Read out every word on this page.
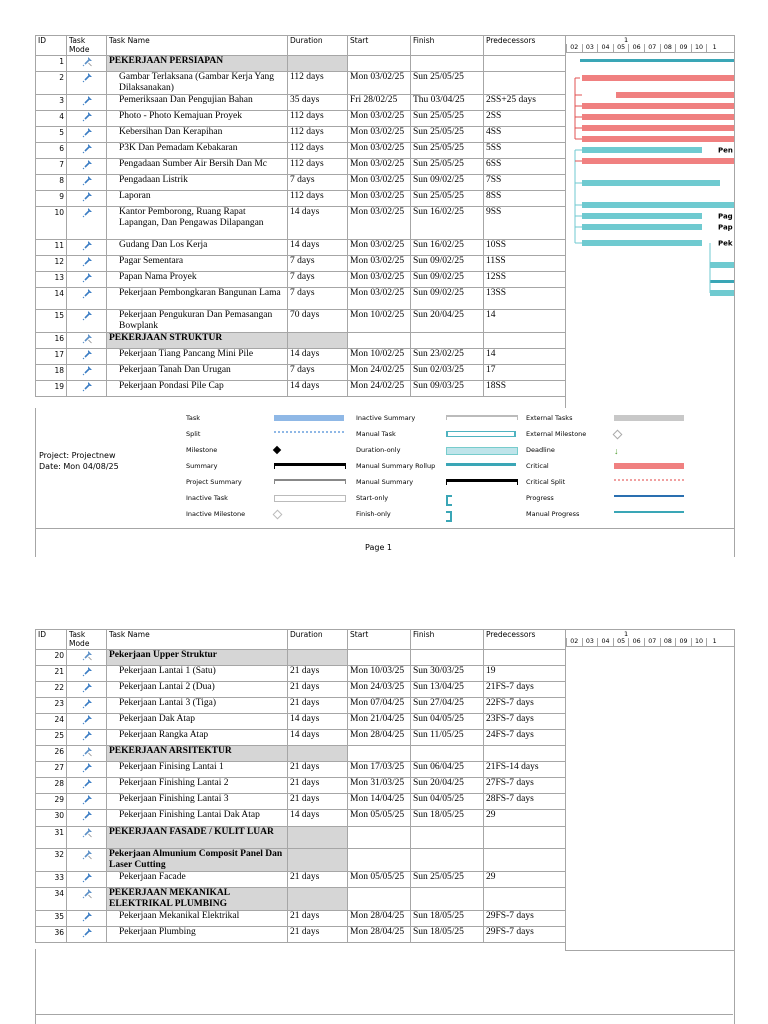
ID	Task Mode	Task Name	Duration	Start	Finish	Predecessors
1		PEKERJAAN PERSIAPAN				
2		Gambar Terlaksana (Gambar Kerja Yang Dilaksanakan)	112 days	Mon 03/02/25	Sun 25/05/25	
3		Pemeriksaan Dan Pengujian Bahan	35 days	Fri 28/02/25	Thu 03/04/25	2SS+25 days
4		Photo - Photo Kemajuan Proyek	112 days	Mon 03/02/25	Sun 25/05/25	2SS
5		Kebersihan Dan Kerapihan	112 days	Mon 03/02/25	Sun 25/05/25	4SS
6		P3K Dan Pemadam Kebakaran	112 days	Mon 03/02/25	Sun 25/05/25	5SS
7		Pengadaan Sumber Air Bersih Dan Mc	112 days	Mon 03/02/25	Sun 25/05/25	6SS
8		Pengadaan Listrik	7 days	Mon 03/02/25	Sun 09/02/25	7SS
9		Laporan	112 days	Mon 03/02/25	Sun 25/05/25	8SS
10		Kantor Pemborong, Ruang Rapat Lapangan, Dan Pengawas Dilapangan	14 days	Mon 03/02/25	Sun 16/02/25	9SS
11		Gudang Dan Los Kerja	14 days	Mon 03/02/25	Sun 16/02/25	10SS
12		Pagar Sementara	7 days	Mon 03/02/25	Sun 09/02/25	11SS
13		Papan Nama Proyek	7 days	Mon 03/02/25	Sun 09/02/25	12SS
14		Pekerjaan Pembongkaran Bangunan Lama	7 days	Mon 03/02/25	Sun 09/02/25	13SS
15		Pekerjaan Pengukuran Dan Pemasangan Bowplank	70 days	Mon 10/02/25	Sun 20/04/25	14
16		PEKERJAAN STRUKTUR				
17		Pekerjaan Tiang Pancang Mini Pile	14 days	Mon 10/02/25	Sun 23/02/25	14
18		Pekerjaan Tanah Dan Urugan	7 days	Mon 24/02/25	Sun 02/03/25	17
19		Pekerjaan Pondasi Pile Cap	14 days	Mon 24/02/25	Sun 09/03/25	18SS
1
02	03	04	05	06	07	08	09	10	1
Pen
Pag
Pap
Pek
Project: Projectnew
Date: Mon 04/08/25
Task
Split
Milestone
Summary
Project Summary
Inactive Task
Inactive Milestone
Inactive Summary
Manual Task
Duration-only
Manual Summary Rollup
Manual Summary
Start-only
Finish-only
External Tasks
External Milestone
Deadline	↓
Critical
Critical Split
Progress
Manual Progress
Page 1
ID	Task Mode	Task Name	Duration	Start	Finish	Predecessors
20		Pekerjaan Upper Struktur				
21		Pekerjaan Lantai 1 (Satu)	21 days	Mon 10/03/25	Sun 30/03/25	19
22		Pekerjaan Lantai 2 (Dua)	21 days	Mon 24/03/25	Sun 13/04/25	21FS-7 days
23		Pekerjaan Lantai 3 (Tiga)	21 days	Mon 07/04/25	Sun 27/04/25	22FS-7 days
24		Pekerjaan Dak Atap	14 days	Mon 21/04/25	Sun 04/05/25	23FS-7 days
25		Pekerjaan Rangka Atap	14 days	Mon 28/04/25	Sun 11/05/25	24FS-7 days
26		PEKERJAAN ARSITEKTUR				
27		Pekerjaan Finising Lantai 1	21 days	Mon 17/03/25	Sun 06/04/25	21FS-14 days
28		Pekerjaan Finishing Lantai 2	21 days	Mon 31/03/25	Sun 20/04/25	27FS-7 days
29		Pekerjaan Finishing Lantai 3	21 days	Mon 14/04/25	Sun 04/05/25	28FS-7 days
30		Pekerjaan Finishing Lantai Dak Atap	14 days	Mon 05/05/25	Sun 18/05/25	29
31		PEKERJAAN FASADE / KULIT LUAR				
32		Pekerjaan Almunium Composit Panel Dan Laser Cutting				
33		Pekerjaan Facade	21 days	Mon 05/05/25	Sun 25/05/25	29
34		PEKERJAAN MEKANIKAL ELEKTRIKAL PLUMBING				
35		Pekerjaan Mekanikal Elektrikal	21 days	Mon 28/04/25	Sun 18/05/25	29FS-7 days
36		Pekerjaan Plumbing	21 days	Mon 28/04/25	Sun 18/05/25	29FS-7 days
1
02	03	04	05	06	07	08	09	10	1
